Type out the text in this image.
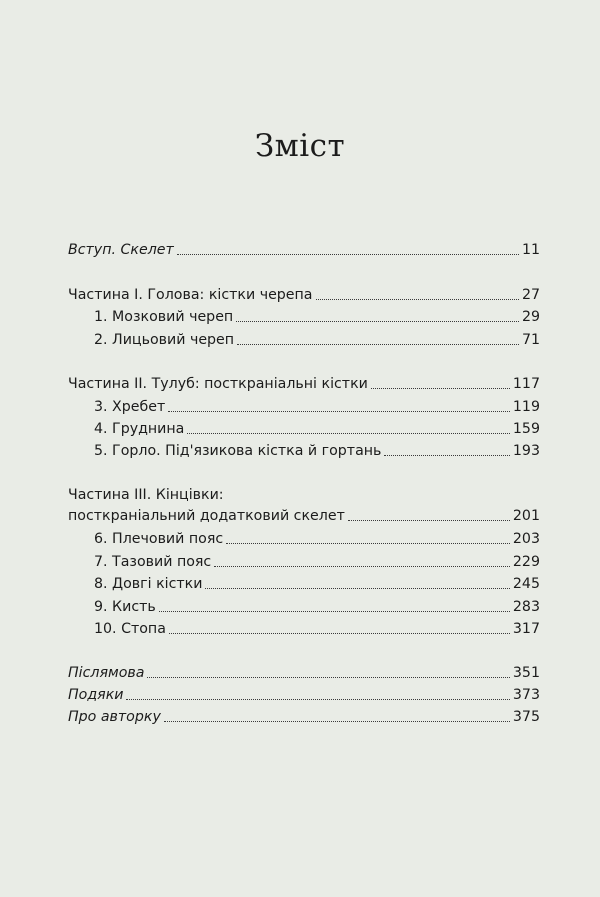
Зміст
Вступ. Скелет	11
Частина I. Голова: кістки черепа	27
1. Мозковий череп	29
2. Лицьовий череп	71
Частина II. Тулуб: посткраніальні кістки	117
3. Хребет	119
4. Груднина	159
5. Горло. Під'язикова кістка й гортань	193
Частина III. Кінцівки:
посткраніальний додатковий скелет	201
6. Плечовий пояс	203
7. Тазовий пояс	229
8. Довгі кістки	245
9. Кисть	283
10. Стопа	317
Післямова	351
Подяки	373
Про авторку	375
